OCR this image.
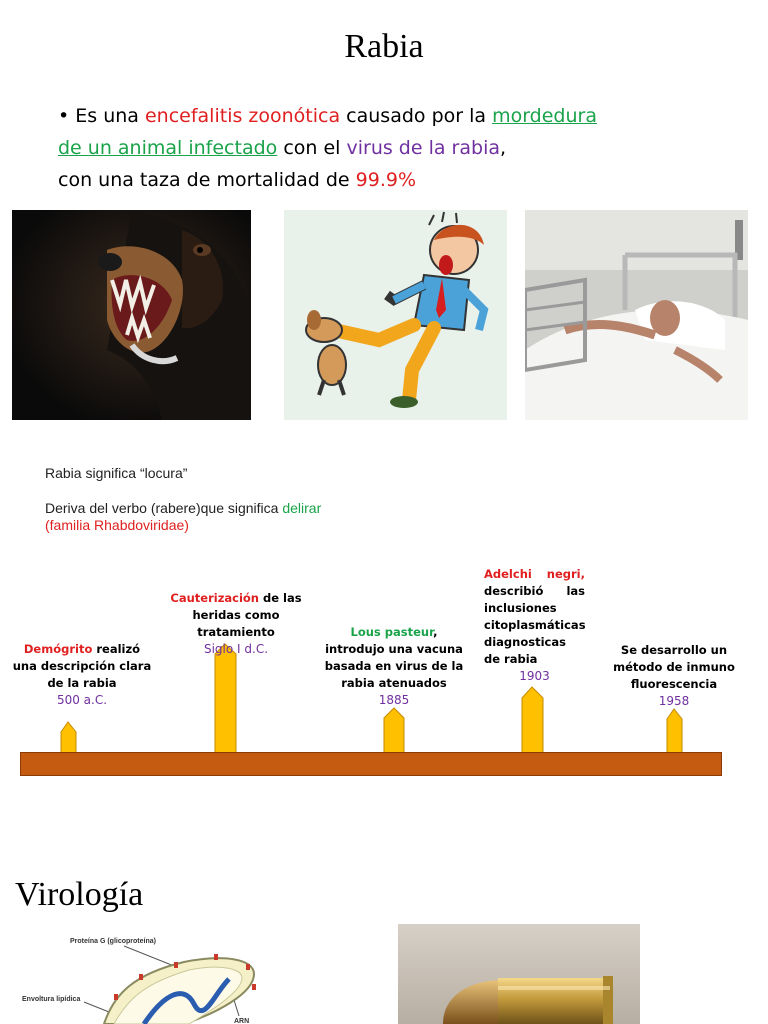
Rabia
• Es una encefalitis zoonótica causado por la mordedura
de un animal infectado con el virus de la rabia,
con una taza de mortalidad de 99.9%
Rabia significa “locura”
Deriva del verbo (rabere)que significa delirar
(familia Rhabdoviridae)
Demógrito realizó una descripción clara de la rabia
500 a.C.
Cauterización de las heridas como tratamiento
Siglo I d.C.
Lous pasteur, introdujo una vacuna basada en virus de la rabia atenuados
1885
Adelchi negri, describió las inclusiones citoplasmáticas diagnosticas de rabia
1903
Se desarrollo un método de inmuno fluorescencia
1958
Virología
Proteína G (glicoproteína)
Envoltura lipídica
ARN
